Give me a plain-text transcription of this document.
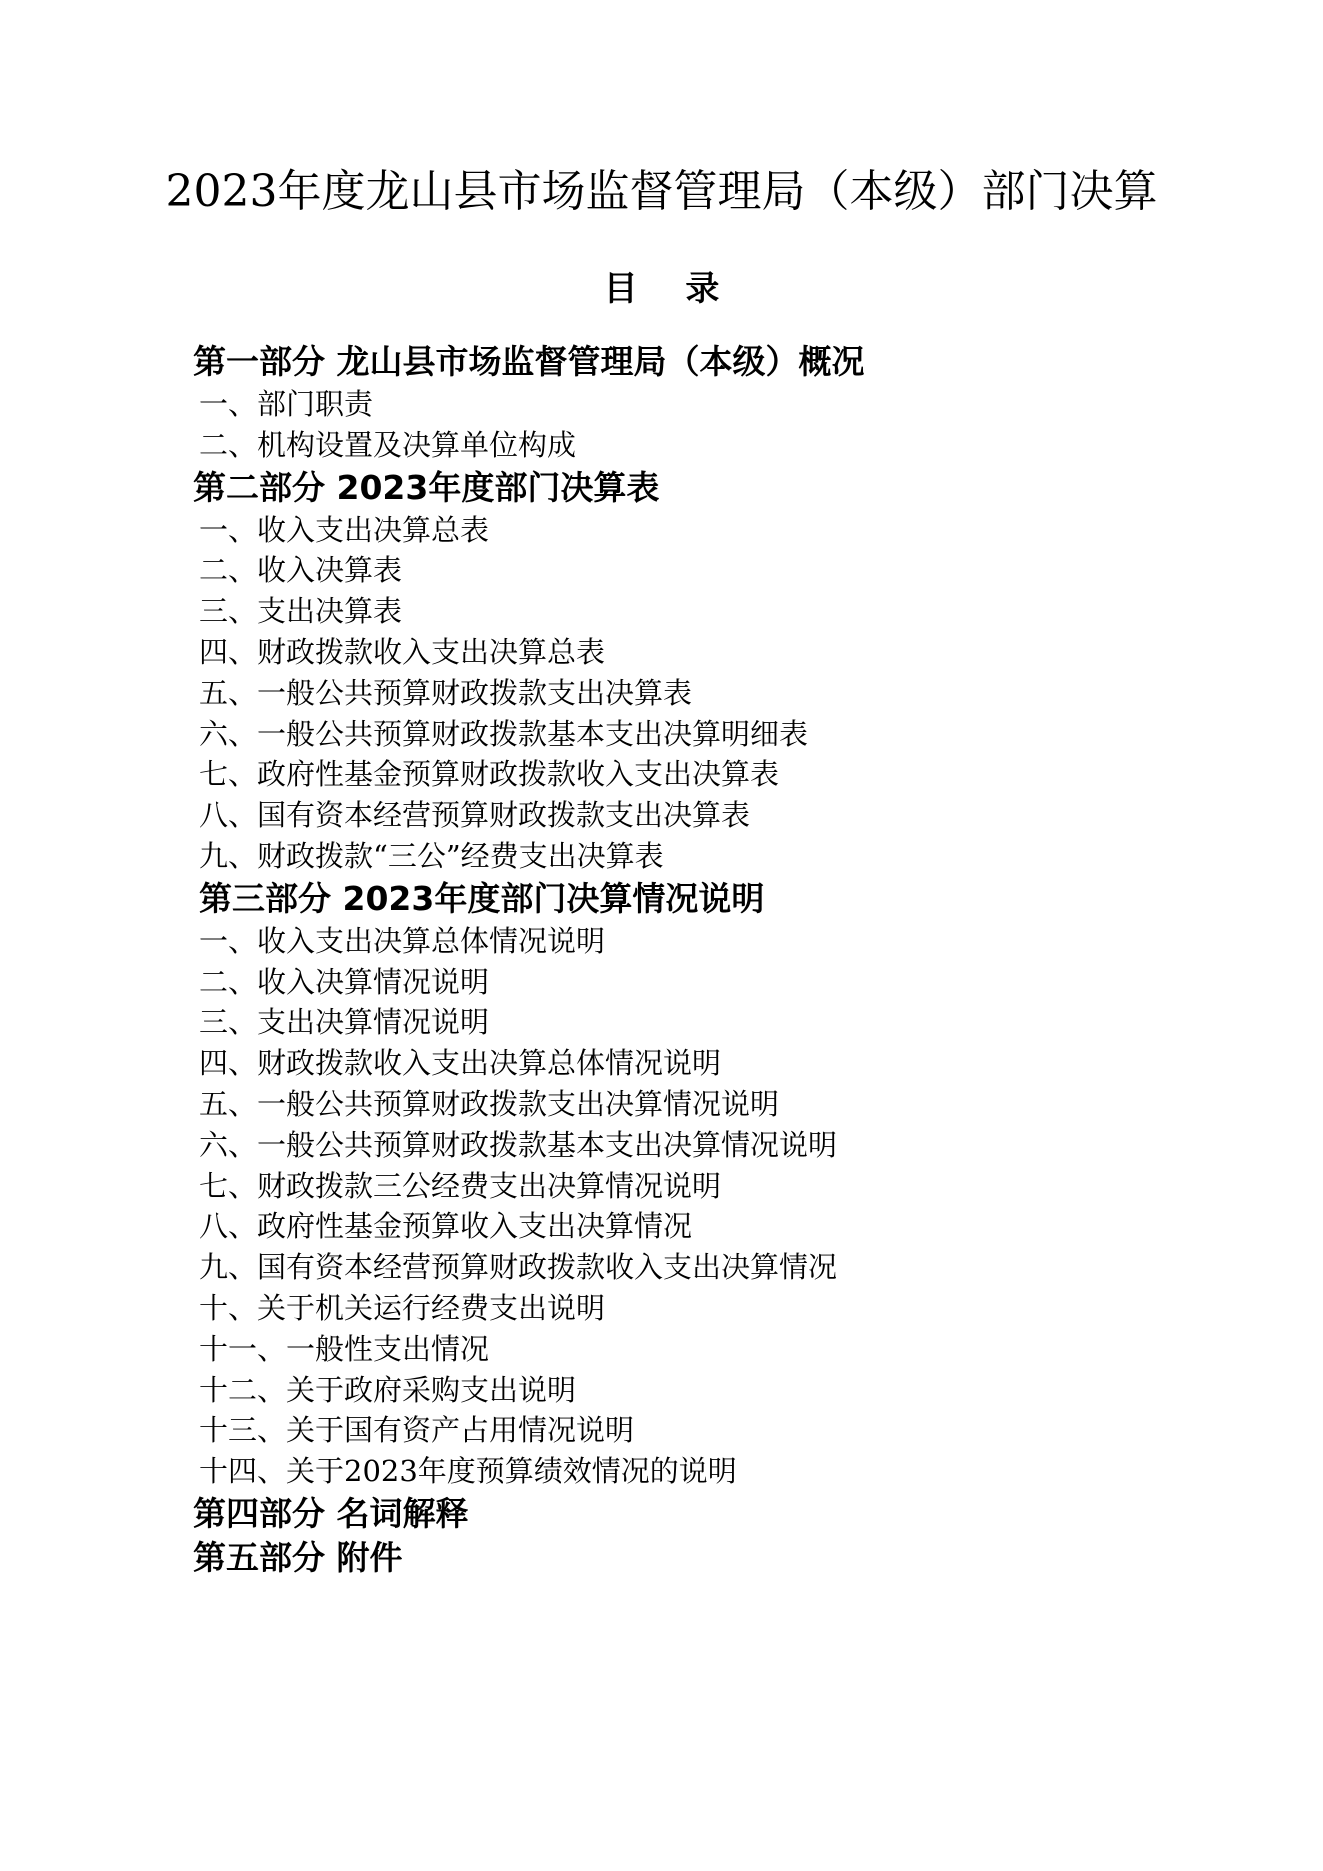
2023年度龙山县市场监督管理局（本级）部门决算
目 录
第一部分 龙山县市场监督管理局（本级）概况
一、部门职责
二、机构设置及决算单位构成
第二部分 2023年度部门决算表
一、收入支出决算总表
二、收入决算表
三、支出决算表
四、财政拨款收入支出决算总表
五、一般公共预算财政拨款支出决算表
六、一般公共预算财政拨款基本支出决算明细表
七、政府性基金预算财政拨款收入支出决算表
八、国有资本经营预算财政拨款支出决算表
九、财政拨款“三公”经费支出决算表
第三部分 2023年度部门决算情况说明
一、收入支出决算总体情况说明
二、收入决算情况说明
三、支出决算情况说明
四、财政拨款收入支出决算总体情况说明
五、一般公共预算财政拨款支出决算情况说明
六、一般公共预算财政拨款基本支出决算情况说明
七、财政拨款三公经费支出决算情况说明
八、政府性基金预算收入支出决算情况
九、国有资本经营预算财政拨款收入支出决算情况
十、关于机关运行经费支出说明
十一、一般性支出情况
十二、关于政府采购支出说明
十三、关于国有资产占用情况说明
十四、关于2023年度预算绩效情况的说明
第四部分 名词解释
第五部分 附件
